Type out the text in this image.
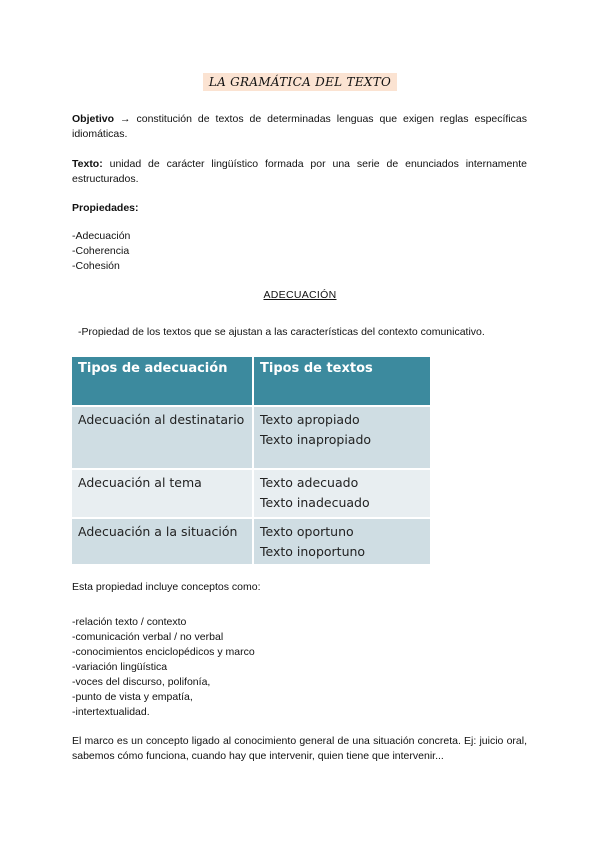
LA GRAMÁTICA DEL TEXTO
Objetivo → constitución de textos de determinadas lenguas que exigen reglas específicas idiomáticas.
Texto: unidad de carácter lingüístico formada por una serie de enunciados internamente estructurados.
Propiedades:
-Adecuación
-Coherencia
-Cohesión
ADECUACIÓN
-Propiedad de los textos que se ajustan a las características del contexto comunicativo.
Tipos de adecuación	Tipos de textos
Adecuación al destinatario	Texto apropiado
Texto inapropiado

Adecuación al tema	Texto adecuado
Texto inadecuado

Adecuación a la situación	Texto oportuno
Texto inoportuno
Esta propiedad incluye conceptos como:
-relación texto / contexto
-comunicación verbal / no verbal
-conocimientos enciclopédicos y marco
-variación lingüística
-voces del discurso, polifonía,
-punto de vista y empatía,
-intertextualidad.
El marco es un concepto ligado al conocimiento general de una situación concreta. Ej: juicio oral, sabemos cómo funciona, cuando hay que intervenir, quien tiene que intervenir...
